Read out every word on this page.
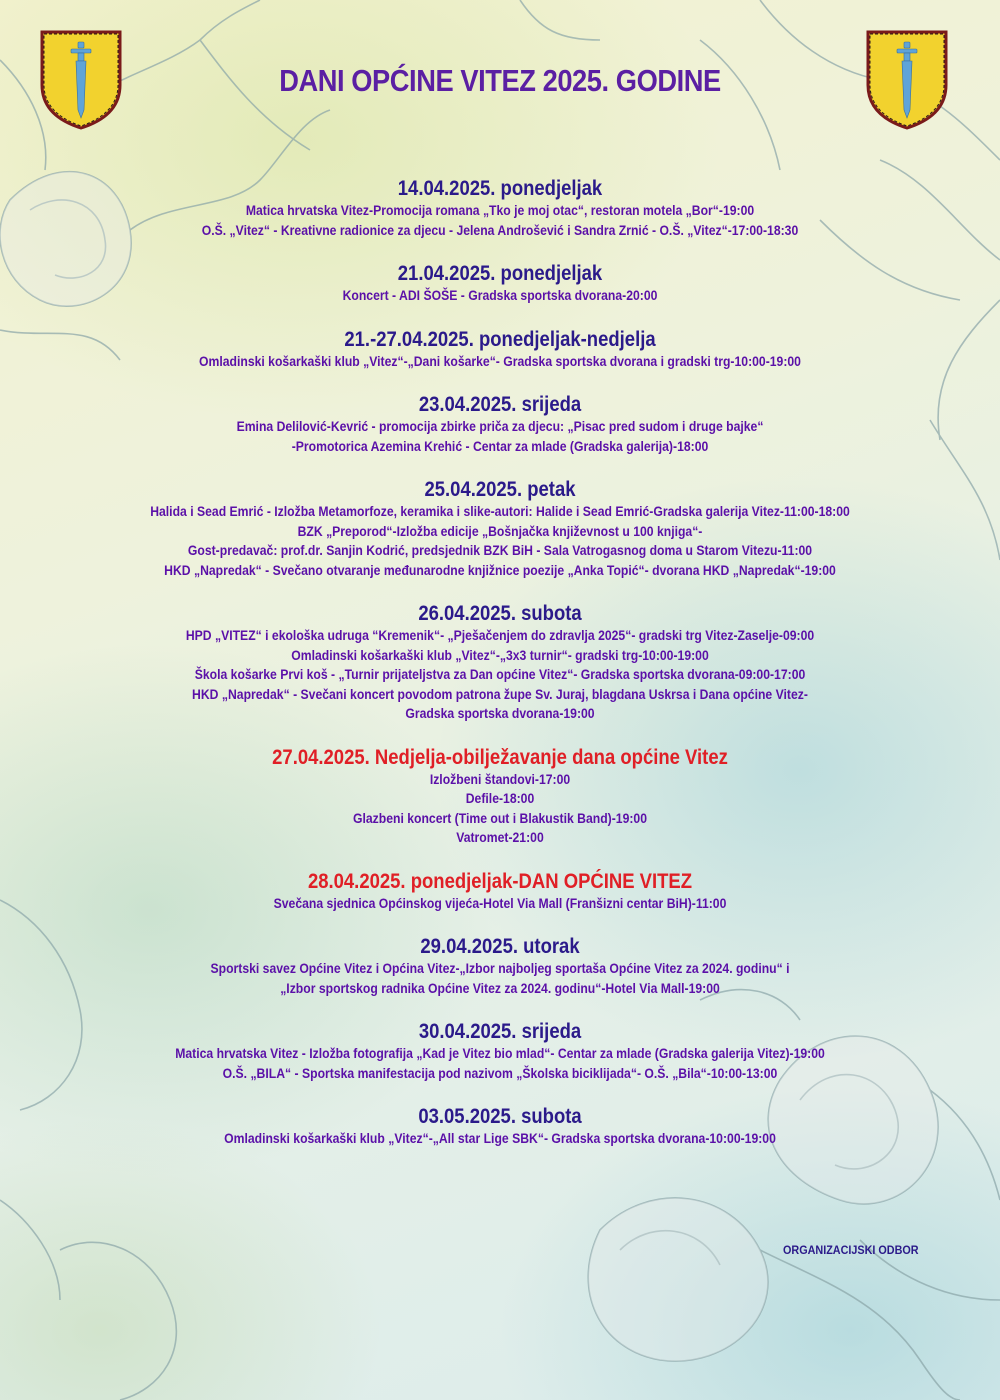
DANI OPĆINE VITEZ 2025. GODINE
14.04.2025. ponedjeljak
Matica hrvatska Vitez-Promocija romana „Tko je moj otac“, restoran motela „Bor“-19:00
O.Š. „Vitez“ - Kreativne radionice za djecu - Jelena Androšević i Sandra Zrnić - O.Š. „Vitez“-17:00-18:30
21.04.2025. ponedjeljak
Koncert - ADI ŠOŠE - Gradska sportska dvorana-20:00
21.-27.04.2025. ponedjeljak-nedjelja
Omladinski košarkaški klub „Vitez“-„Dani košarke“- Gradska sportska dvorana i gradski trg-10:00-19:00
23.04.2025. srijeda
Emina Delilović-Kevrić - promocija zbirke priča za djecu: „Pisac pred sudom i druge bajke“
-Promotorica Azemina Krehić - Centar za mlade (Gradska galerija)-18:00
25.04.2025. petak
Halida i Sead Emrić - Izložba Metamorfoze, keramika i slike-autori: Halide i Sead Emrić-Gradska galerija Vitez-11:00-18:00
BZK „Preporod“-Izložba edicije „Bošnjačka književnost u 100 knjiga“-
Gost-predavač: prof.dr. Sanjin Kodrić, predsjednik BZK BiH - Sala Vatrogasnog doma u Starom Vitezu-11:00
HKD „Napredak“ - Svečano otvaranje međunarodne knjižnice poezije „Anka Topić“- dvorana HKD „Napredak“-19:00
26.04.2025. subota
HPD „VITEZ“ i ekološka udruga “Kremenik“- „Pješačenjem do zdravlja 2025“- gradski trg Vitez-Zaselje-09:00
Omladinski košarkaški klub „Vitez“-„3x3 turnir“- gradski trg-10:00-19:00
Škola košarke Prvi koš - „Turnir prijateljstva za Dan općine Vitez“- Gradska sportska dvorana-09:00-17:00
HKD „Napredak“ - Svečani koncert povodom patrona župe Sv. Juraj, blagdana Uskrsa i Dana općine Vitez-
Gradska sportska dvorana-19:00
27.04.2025. Nedjelja-obilježavanje dana općine Vitez
Izložbeni štandovi-17:00
Defile-18:00
Glazbeni koncert (Time out i Blakustik Band)-19:00
Vatromet-21:00
28.04.2025. ponedjeljak-DAN OPĆINE VITEZ
Svečana sjednica Općinskog vijeća-Hotel Via Mall (Franšizni centar BiH)-11:00
29.04.2025. utorak
Sportski savez Općine Vitez i Općina Vitez-„Izbor najboljeg sportaša Općine Vitez za 2024. godinu“ i
„Izbor sportskog radnika Općine Vitez za 2024. godinu“-Hotel Via Mall-19:00
30.04.2025. srijeda
Matica hrvatska Vitez - Izložba fotografija „Kad je Vitez bio mlad“- Centar za mlade (Gradska galerija Vitez)-19:00
O.Š. „BILA“ - Sportska manifestacija pod nazivom „Školska biciklijada“- O.Š. „Bila“-10:00-13:00
03.05.2025. subota
Omladinski košarkaški klub „Vitez“-„All star Lige SBK“- Gradska sportska dvorana-10:00-19:00
ORGANIZACIJSKI ODBOR
